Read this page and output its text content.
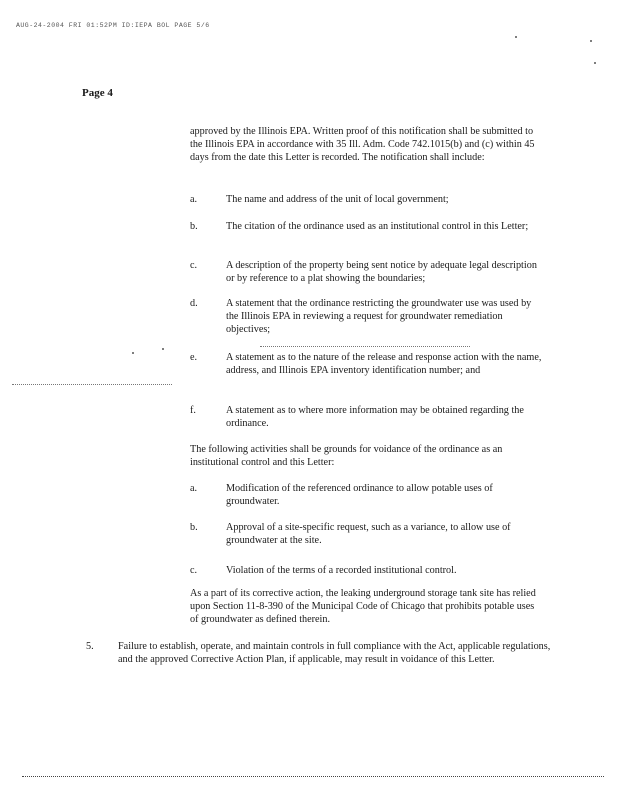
AUG-24-2004 FRI 01:52PM ID:IEPA BOL PAGE 5/6
Page 4
approved by the Illinois EPA. Written proof of this notification shall be submitted to the Illinois EPA in accordance with 35 Ill. Adm. Code 742.1015(b) and (c) within 45 days from the date this Letter is recorded. The notification shall include:
a.	The name and address of the unit of local government;
b.	The citation of the ordinance used as an institutional control in this Letter;
c.	A description of the property being sent notice by adequate legal description or by reference to a plat showing the boundaries;
d.	A statement that the ordinance restricting the groundwater use was used by the Illinois EPA in reviewing a request for groundwater remediation objectives;
e.	A statement as to the nature of the release and response action with the name, address, and Illinois EPA inventory identification number; and
f.	A statement as to where more information may be obtained regarding the ordinance.
The following activities shall be grounds for voidance of the ordinance as an institutional control and this Letter:
a.	Modification of the referenced ordinance to allow potable uses of groundwater.
b.	Approval of a site-specific request, such as a variance, to allow use of groundwater at the site.
c.	Violation of the terms of a recorded institutional control.
As a part of its corrective action, the leaking underground storage tank site has relied upon Section 11-8-390 of the Municipal Code of Chicago that prohibits potable uses of groundwater as defined therein.
5. Failure to establish, operate, and maintain controls in full compliance with the Act, applicable regulations, and the approved Corrective Action Plan, if applicable, may result in voidance of this Letter.
